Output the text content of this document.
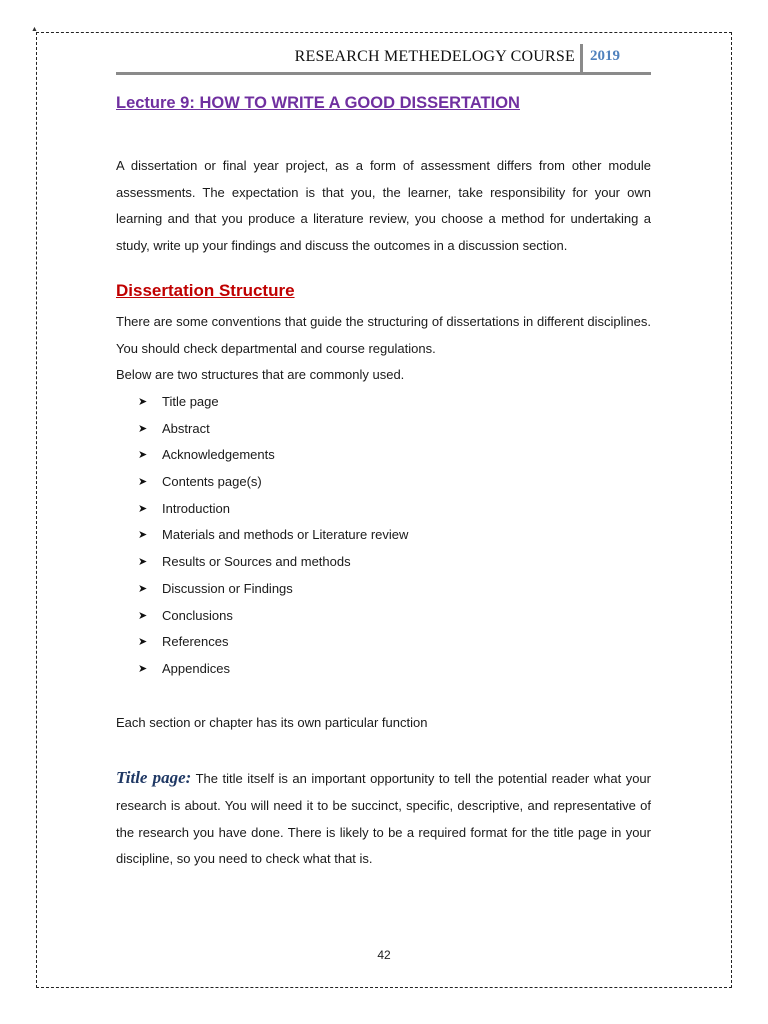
▲
RESEARCH METHEDELOGY COURSE 2019
Lecture 9: HOW TO WRITE A GOOD DISSERTATION

A dissertation or final year project, as a form of assessment differs from other module assessments. The expectation is that you, the learner, take responsibility for your own learning and that you produce a literature review, you choose a method for undertaking a study, write up your findings and discuss the outcomes in a discussion section.

Dissertation Structure

There are some conventions that guide the structuring of dissertations in different disciplines. You should check departmental and course regulations.

Below are two structures that are commonly used.

➤	Title page
➤	Abstract
➤	Acknowledgements
➤	Contents page(s)
➤	Introduction
➤	Materials and methods or Literature review
➤	Results or Sources and methods
➤	Discussion or Findings
➤	Conclusions
➤	References
➤	Appendices

Each section or chapter has its own particular function

Title page: The title itself is an important opportunity to tell the potential reader what your research is about. You will need it to be succinct, specific, descriptive, and representative of the research you have done. There is likely to be a required format for the title page in your discipline, so you need to check what that is.

42
